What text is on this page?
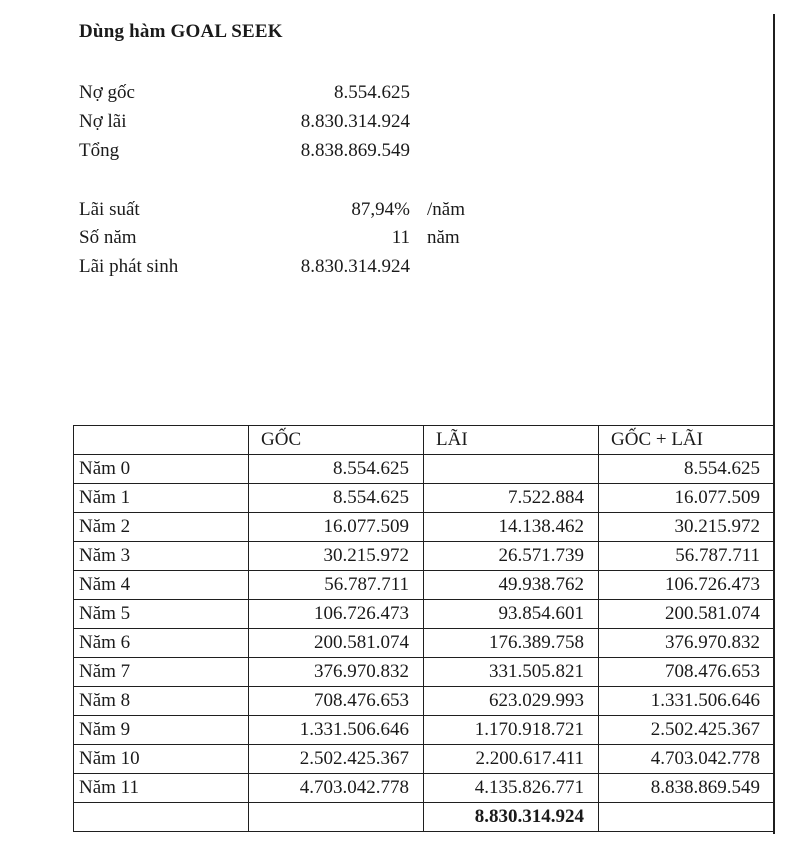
Dùng hàm GOAL SEEK
Nợ gốc	8.554.625
Nợ lãi	8.830.314.924
Tổng	8.838.869.549
Lãi suất	87,94% /năm
Số năm	11 năm
Lãi phát sinh	8.830.314.924
	GỐC	LÃI	GỐC + LÃI
Năm 0	8.554.625		8.554.625
Năm 1	8.554.625	7.522.884	16.077.509
Năm 2	16.077.509	14.138.462	30.215.972
Năm 3	30.215.972	26.571.739	56.787.711
Năm 4	56.787.711	49.938.762	106.726.473
Năm 5	106.726.473	93.854.601	200.581.074
Năm 6	200.581.074	176.389.758	376.970.832
Năm 7	376.970.832	331.505.821	708.476.653
Năm 8	708.476.653	623.029.993	1.331.506.646
Năm 9	1.331.506.646	1.170.918.721	2.502.425.367
Năm 10	2.502.425.367	2.200.617.411	4.703.042.778
Năm 11	4.703.042.778	4.135.826.771	8.838.869.549
		8.830.314.924	
